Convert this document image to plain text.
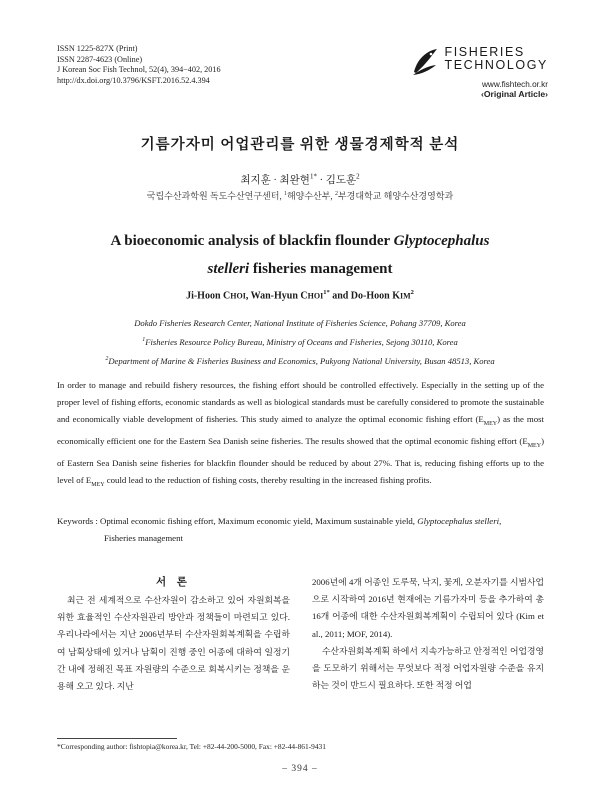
ISSN 1225-827X (Print)
ISSN 2287-4623 (Online)
J Korean Soc Fish Technol, 52(4), 394−402, 2016
http://dx.doi.org/10.3796/KSFT.2016.52.4.394
FISHERIES
TECHNOLOGY
www.fishtech.or.kr
‹Original Article›
기름가자미 어업관리를 위한 생물경제학적 분석
최지훈 · 최완현$^{1*}$ · 김도훈$^2$
국립수산과학원 독도수산연구센터, $^1$해양수산부, $^2$부경대학교 해양수산경영학과
A bioeconomic analysis of blackfin flounder Glyptocephalus
stelleri fisheries management
Ji-Hoon CHOI, Wan-Hyun $CHOI^{1*}$ and Do-Hoon KIM$^2$
Dokdo Fisheries Research Center, National Institute of Fisheries Science, Pohang 37709, Korea
$^1$Fisheries Resource Policy Bureau, Ministry of Oceans and Fisheries, Sejong 30110, Korea
$^2$Department of Marine & Fisheries Business and Economics, Pukyong National University, Busan 48513, Korea
In order to manage and rebuild fishery resources, the fishing effort should be controlled effectively. Especially in the setting up of the proper level of fishing efforts, economic standards as well as biological standards must be carefully considered to promote the sustainable and economically viable development of fisheries. This study aimed to analyze the optimal economic fishing effort $(E_{MEY})$ as the most economically efficient one for the Eastern Sea Danish seine fisheries. The results showed that the optimal economic fishing effort $(E_{MEY})$ of Eastern Sea Danish seine fisheries for blackfin flounder should be reduced by about 27%. That is, reducing fishing efforts up to the level of $E_{MEY}$ could lead to the reduction of fishing costs, thereby resulting in the increased fishing profits.
Keywords : Optimal economic fishing effort, Maximum economic yield, Maximum sustainable yield, Glyptocephalus stelleri,
Fisheries management
서 론

최근 전 세계적으로 수산자원이 감소하고 있어 자원회복을 위한 효율적인 수산자원관리 방안과 정책들이 마련되고 있다. 우리나라에서는 지난 2006년부터 수산자원회복계획을 수립하여 남획상태에 있거나 남획이 진행 중인 어종에 대하여 일정기간 내에 정해진 목표 자원량의 수준으로 회복시키는 정책을 운용해 오고 있다. 지난

2006년에 4개 어종인 도루묵, 낙지, 꽃게, 오분자기를 시범사업으로 시작하여 2016년 현재에는 기름가자미 등을 추가하여 총 16개 어종에 대한 수산자원회복계획이 수립되어 있다 (Kim et al., 2011; MOF, 2014).

수산자원회복계획 하에서 지속가능하고 안정적인 어업경영을 도모하기 위해서는 무엇보다 적정 어업자원량 수준을 유지하는 것이 반드시 필요하다. 또한 적정 어업

*Corresponding author: fishtopia@korea.kr, Tel: +82-44-200-5000, Fax: +82-44-861-9431
– 394 –
